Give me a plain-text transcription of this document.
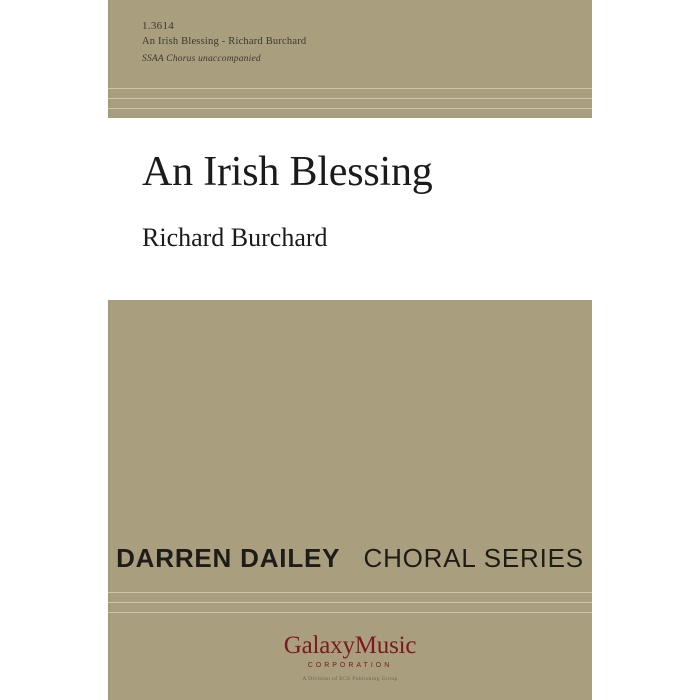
1.3614
An Irish Blessing - Richard Burchard
SSAA Chorus unaccompanied
An Irish Blessing
Richard Burchard
DARREN DAILEY CHORAL SERIES
GalaxyMusic
CORPORATION
A Division of ECS Publishing Group
